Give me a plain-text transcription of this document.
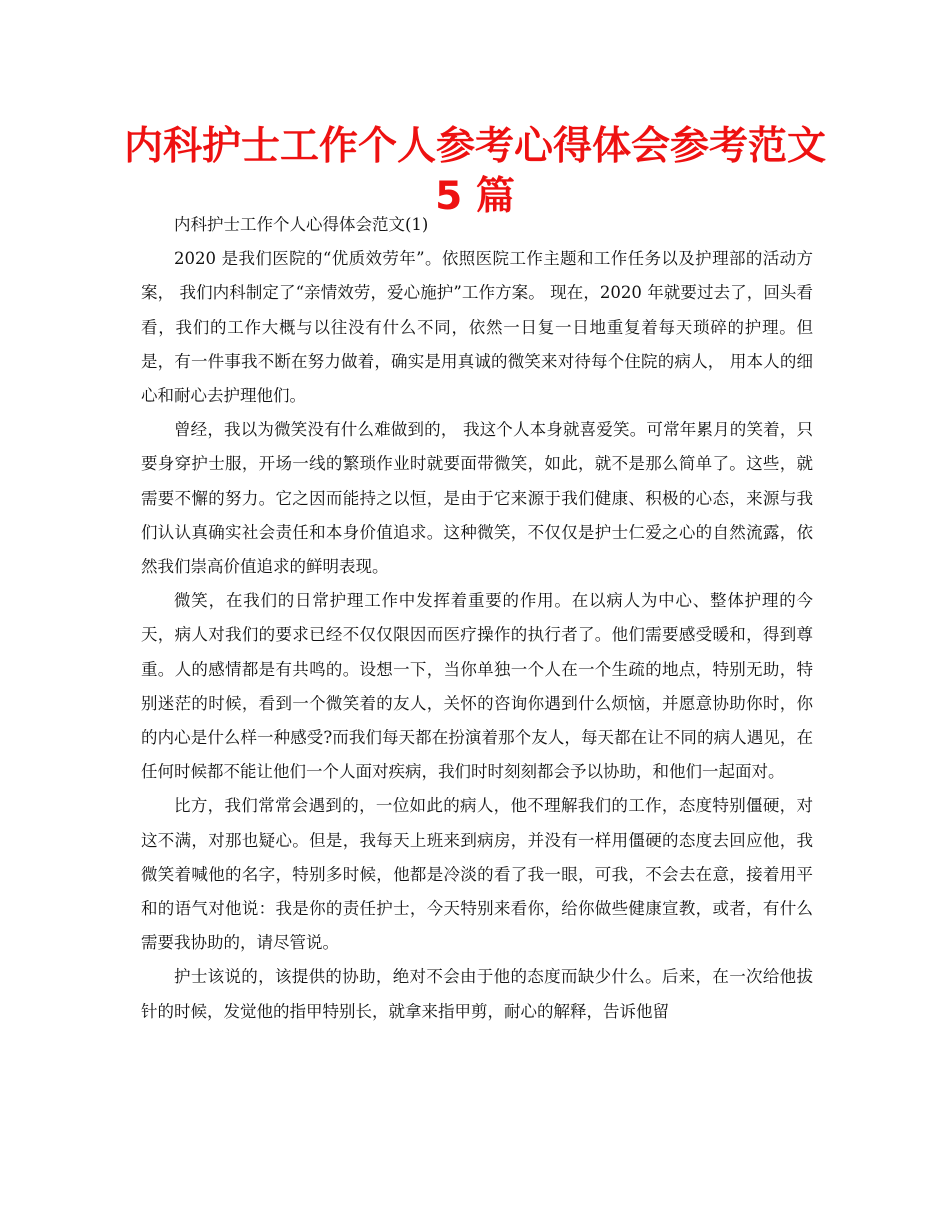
内科护士工作个人参考心得体会参考范文 5 篇

内科护士工作个人心得体会范文(1)

2020 是我们医院的“优质效劳年”。依照医院工作主题和工作任务以及护理部的活动方案， 我们内科制定了“亲情效劳，爱心施护”工作方案。 现在，2020 年就要过去了，回头看看，我们的工作大概与以往没有什么不同，依然一日复一日地重复着每天琐碎的护理。但是，有一件事我不断在努力做着，确实是用真诚的微笑来对待每个住院的病人， 用本人的细心和耐心去护理他们。

曾经，我以为微笑没有什么难做到的， 我这个人本身就喜爱笑。可常年累月的笑着，只要身穿护士服，开场一线的繁琐作业时就要面带微笑，如此，就不是那么简单了。这些，就需要不懈的努力。它之因而能持之以恒，是由于它来源于我们健康、积极的心态，来源与我们认认真确实社会责任和本身价值追求。这种微笑，不仅仅是护士仁爱之心的自然流露，依然我们崇高价值追求的鲜明表现。

微笑，在我们的日常护理工作中发挥着重要的作用。在以病人为中心、整体护理的今天，病人对我们的要求已经不仅仅限因而医疗操作的执行者了。他们需要感受暖和，得到尊重。人的感情都是有共鸣的。设想一下，当你单独一个人在一个生疏的地点，特别无助，特别迷茫的时候，看到一个微笑着的友人，关怀的咨询你遇到什么烦恼，并愿意协助你时，你的内心是什么样一种感受?而我们每天都在扮演着那个友人，每天都在让不同的病人遇见，在任何时候都不能让他们一个人面对疾病，我们时时刻刻都会予以协助，和他们一起面对。

比方，我们常常会遇到的，一位如此的病人，他不理解我们的工作，态度特别僵硬，对这不满，对那也疑心。但是，我每天上班来到病房，并没有一样用僵硬的态度去回应他，我微笑着喊他的名字，特别多时候，他都是冷淡的看了我一眼，可我，不会去在意，接着用平和的语气对他说：我是你的责任护士，今天特别来看你，给你做些健康宣教，或者，有什么需要我协助的，请尽管说。

护士该说的，该提供的协助，绝对不会由于他的态度而缺少什么。后来，在一次给他拔针的时候，发觉他的指甲特别长，就拿来指甲剪，耐心的解释，告诉他留
